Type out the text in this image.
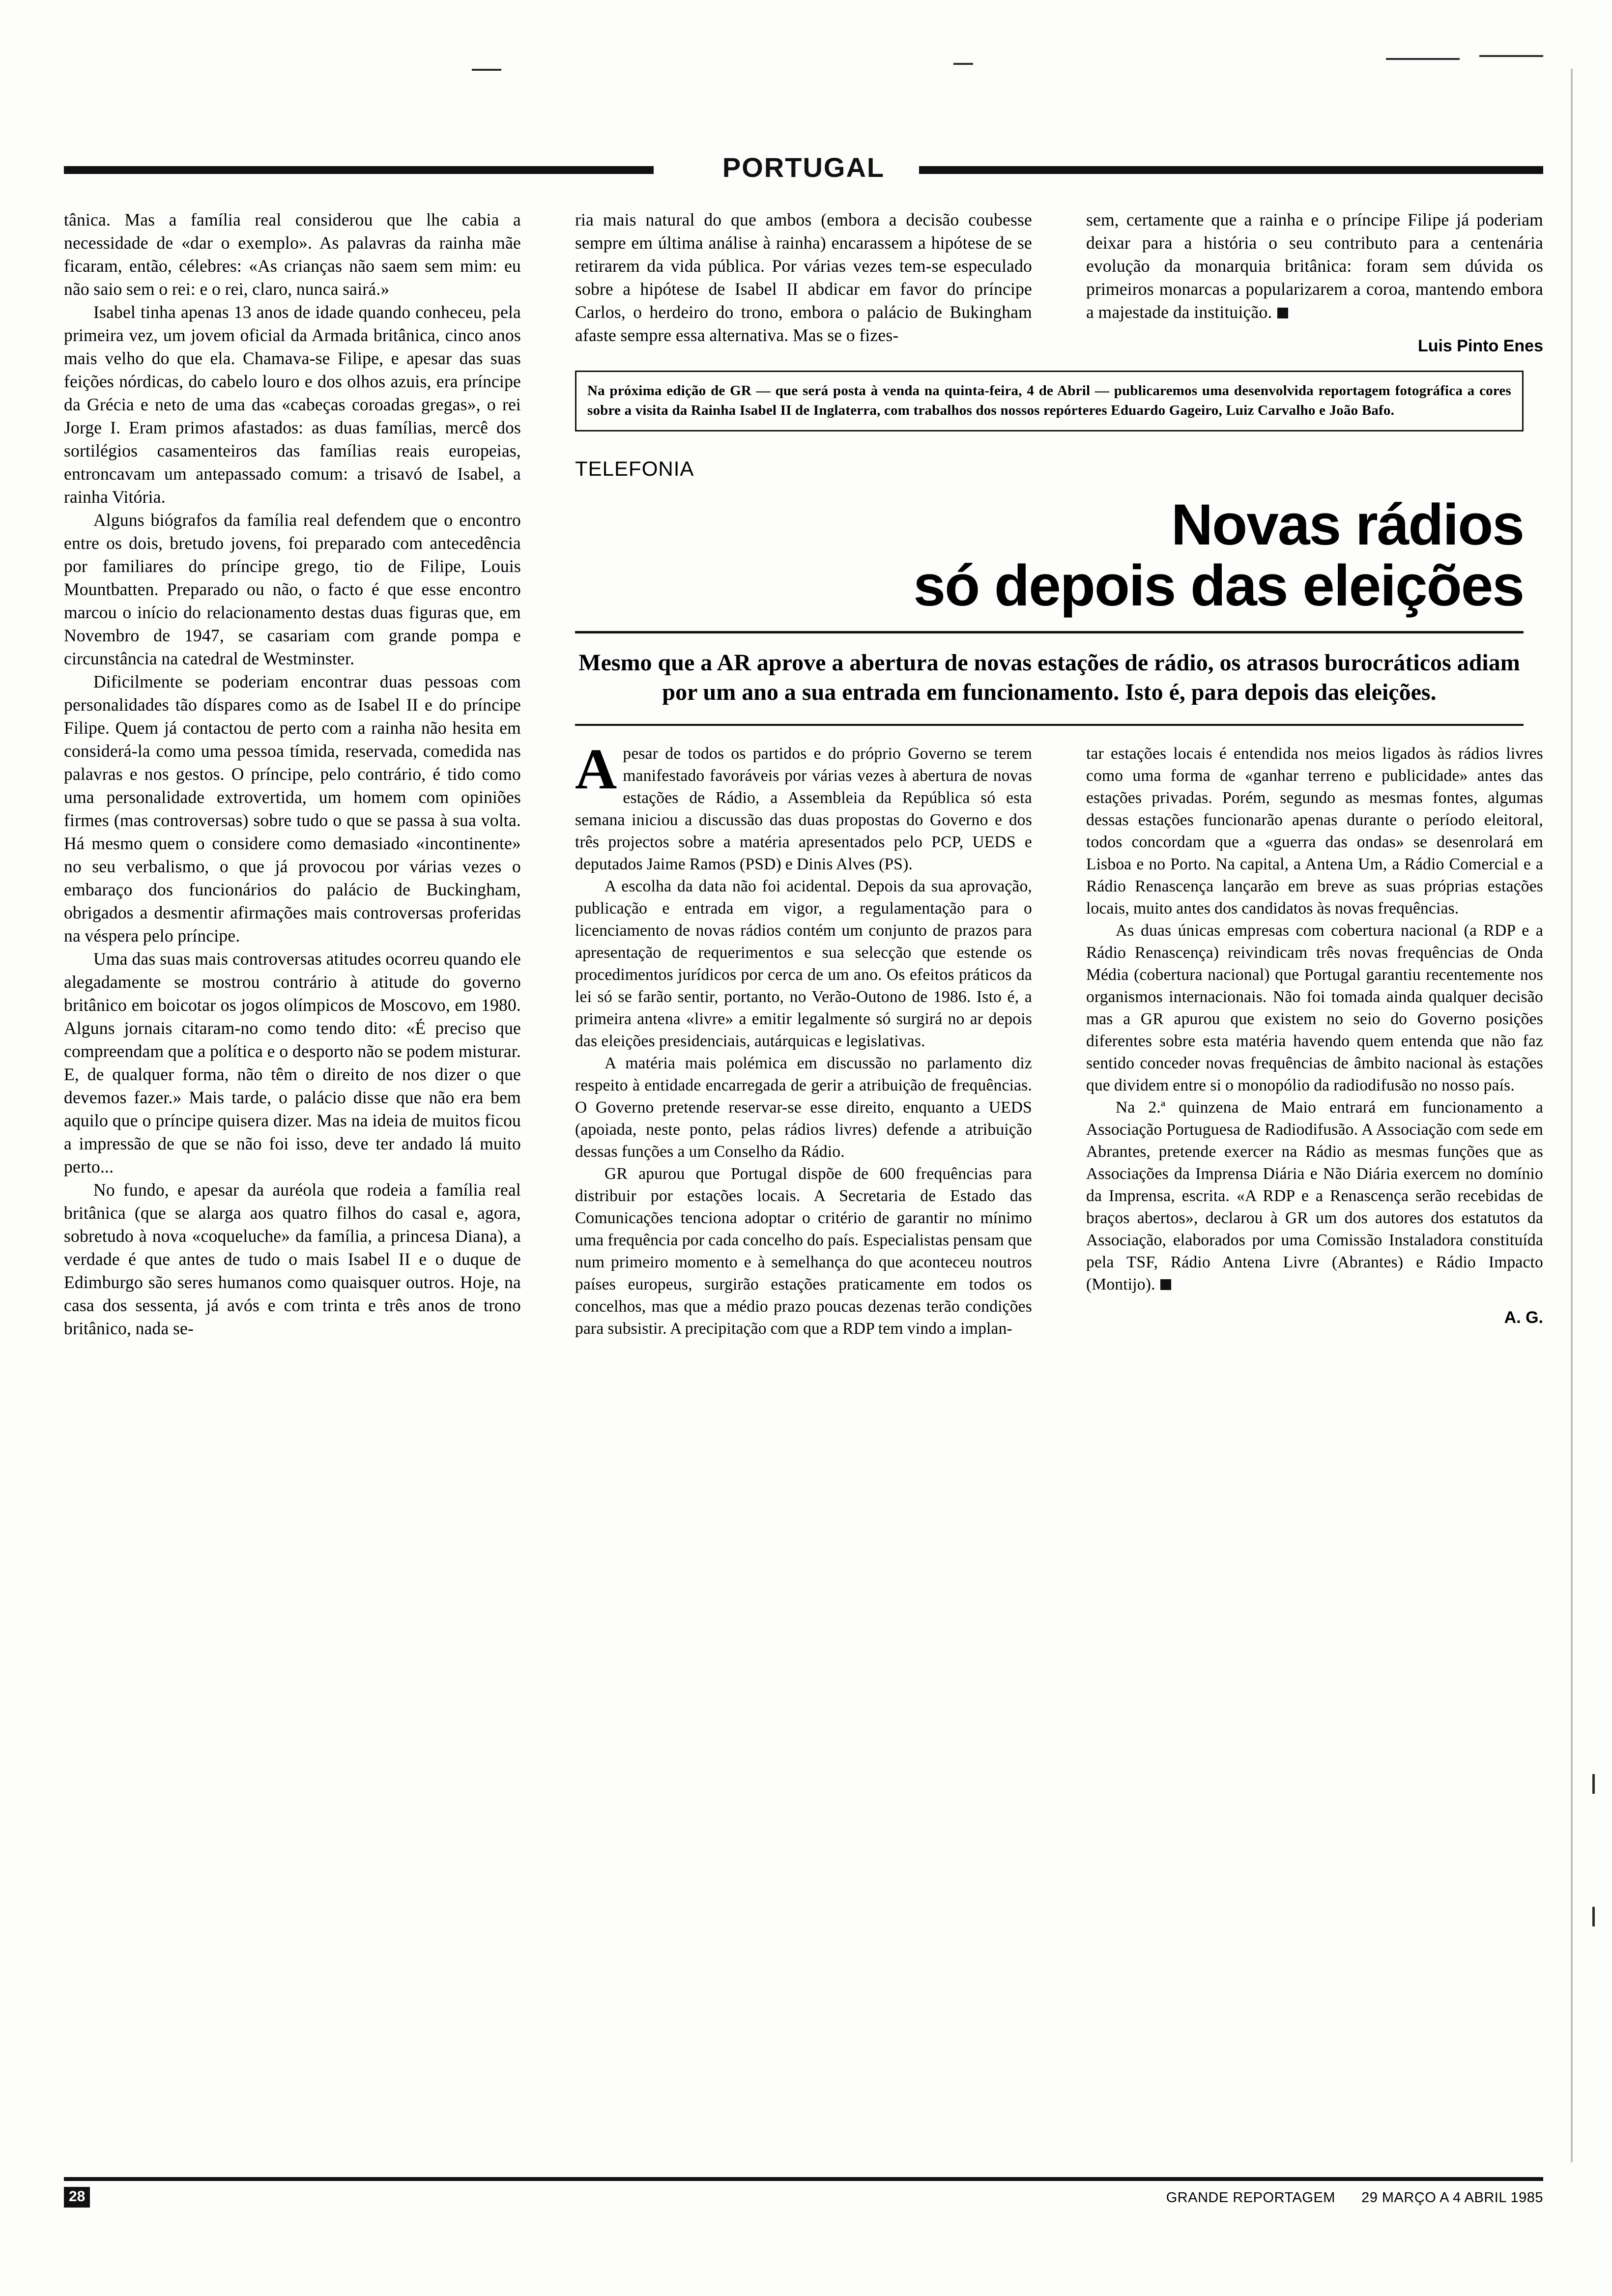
PORTUGAL

tânica. Mas a família real considerou que lhe cabia a necessidade de «dar o exemplo». As palavras da rainha mãe ficaram, então, célebres: «As crianças não saem sem mim: eu não saio sem o rei: e o rei, claro, nunca sairá.»

Isabel tinha apenas 13 anos de idade quando conheceu, pela primeira vez, um jovem oficial da Armada britânica, cinco anos mais velho do que ela. Chamava-se Filipe, e apesar das suas feições nórdicas, do cabelo louro e dos olhos azuis, era príncipe da Grécia e neto de uma das «cabeças coroadas gregas», o rei Jorge I. Eram primos afastados: as duas famílias, mercê dos sortilégios casamenteiros das famílias reais europeias, entroncavam um antepassado comum: a trisavó de Isabel, a rainha Vitória.

Alguns biógrafos da família real defendem que o encontro entre os dois, bretudo jovens, foi preparado com antecedência por familiares do príncipe grego, tio de Filipe, Louis Mountbatten. Preparado ou não, o facto é que esse encontro marcou o início do relacionamento destas duas figuras que, em Novembro de 1947, se casariam com grande pompa e circunstância na catedral de Westminster.

Dificilmente se poderiam encontrar duas pessoas com personalidades tão díspares como as de Isabel II e do príncipe Filipe. Quem já contactou de perto com a rainha não hesita em considerá-la como uma pessoa tímida, reservada, comedida nas palavras e nos gestos. O príncipe, pelo contrário, é tido como uma personalidade extrovertida, um homem com opiniões firmes (mas controversas) sobre tudo o que se passa à sua volta. Há mesmo quem o considere como demasiado «incontinente» no seu verbalismo, o que já provocou por várias vezes o embaraço dos funcionários do palácio de Buckingham, obrigados a desmentir afirmações mais controversas proferidas na véspera pelo príncipe.

Uma das suas mais controversas atitudes ocorreu quando ele alegadamente se mostrou contrário à atitude do governo britânico em boicotar os jogos olímpicos de Moscovo, em 1980. Alguns jornais citaram-no como tendo dito: «É preciso que compreendam que a política e o desporto não se podem misturar. E, de qualquer forma, não têm o direito de nos dizer o que devemos fazer.» Mais tarde, o palácio disse que não era bem aquilo que o príncipe quisera dizer. Mas na ideia de muitos ficou a impressão de que se não foi isso, deve ter andado lá muito perto...

No fundo, e apesar da auréola que rodeia a família real britânica (que se alarga aos quatro filhos do casal e, agora, sobretudo à nova «coqueluche» da família, a princesa Diana), a verdade é que antes de tudo o mais Isabel II e o duque de Edimburgo são seres humanos como quaisquer outros. Hoje, na casa dos sessenta, já avós e com trinta e três anos de trono britânico, nada se-

ria mais natural do que ambos (embora a decisão coubesse sempre em última análise à rainha) encarassem a hipótese de se retirarem da vida pública. Por várias vezes tem-se especulado sobre a hipótese de Isabel II abdicar em favor do príncipe Carlos, o herdeiro do trono, embora o palácio de Bukingham afaste sempre essa alternativa. Mas se o fizes-

Na próxima edição de GR — que será posta à venda na quinta-feira, 4 de Abril — publicaremos uma desenvolvida reportagem fotográfica a cores sobre a visita da Rainha Isabel II de Inglaterra, com trabalhos dos nossos repórteres Eduardo Gageiro, Luiz Carvalho e João Bafo.

TELEFONIA
Novas rádios
só depois das eleições

Mesmo que a AR aprove a abertura de novas estações de rádio, os atrasos burocráticos adiam por um ano a sua entrada em funcionamento. Isto é, para depois das eleições.

Apesar de todos os partidos e do próprio Governo se terem manifestado favoráveis por várias vezes à abertura de novas estações de Rádio, a Assembleia da República só esta semana iniciou a discussão das duas propostas do Governo e dos três projectos sobre a matéria apresentados pelo PCP, UEDS e deputados Jaime Ramos (PSD) e Dinis Alves (PS).

A escolha da data não foi acidental. Depois da sua aprovação, publicação e entrada em vigor, a regulamentação para o licenciamento de novas rádios contém um conjunto de prazos para apresentação de requerimentos e sua selecção que estende os procedimentos jurídicos por cerca de um ano. Os efeitos práticos da lei só se farão sentir, portanto, no Verão-Outono de 1986. Isto é, a primeira antena «livre» a emitir legalmente só surgirá no ar depois das eleições presidenciais, autárquicas e legislativas.

A matéria mais polémica em discussão no parlamento diz respeito à entidade encarregada de gerir a atribuição de frequências. O Governo pretende reservar-se esse direito, enquanto a UEDS (apoiada, neste ponto, pelas rádios livres) defende a atribuição dessas funções a um Conselho da Rádio.

GR apurou que Portugal dispõe de 600 frequências para distribuir por estações locais. A Secretaria de Estado das Comunicações tenciona adoptar o critério de garantir no mínimo uma frequência por cada concelho do país. Especialistas pensam que num primeiro momento e à semelhança do que aconteceu noutros países europeus, surgirão estações praticamente em todos os concelhos, mas que a médio prazo poucas dezenas terão condições para subsistir. A precipitação com que a RDP tem vindo a implan-

tar estações locais é entendida nos meios ligados às rádios livres como uma forma de «ganhar terreno e publicidade» antes das estações privadas. Porém, segundo as mesmas fontes, algumas dessas estações funcionarão apenas durante o período eleitoral, todos concordam que a «guerra das ondas» se desenrolará em Lisboa e no Porto. Na capital, a Antena Um, a Rádio Comercial e a Rádio Renascença lançarão em breve as suas próprias estações locais, muito antes dos candidatos às novas frequências.

As duas únicas empresas com cobertura nacional (a RDP e a Rádio Renascença) reivindicam três novas frequências de Onda Média (cobertura nacional) que Portugal garantiu recentemente nos organismos internacionais. Não foi tomada ainda qualquer decisão mas a GR apurou que existem no seio do Governo posições diferentes sobre esta matéria havendo quem entenda que não faz sentido conceder novas frequências de âmbito nacional às estações que dividem entre si o monopólio da radiodifusão no nosso país.

Na 2.ª quinzena de Maio entrará em funcionamento a Associação Portuguesa de Radiodifusão. A Associação com sede em Abrantes, pretende exercer na Rádio as mesmas funções que as Associações da Imprensa Diária e Não Diária exercem no domínio da Imprensa, escrita. «A RDP e a Renascença serão recebidas de braços abertos», declarou à GR um dos autores dos estatutos da Associação, elaborados por uma Comissão Instaladora constituída pela TSF, Rádio Antena Livre (Abrantes) e Rádio Impacto (Montijo).

A. G.

sem, certamente que a rainha e o príncipe Filipe já poderiam deixar para a história o seu contributo para a centenária evolução da monarquia britânica: foram sem dúvida os primeiros monarcas a popularizarem a coroa, mantendo embora a majestade da instituição.

Luis Pinto Enes
28	GRANDE REPORTAGEM 29 MARÇO A 4 ABRIL 1985
